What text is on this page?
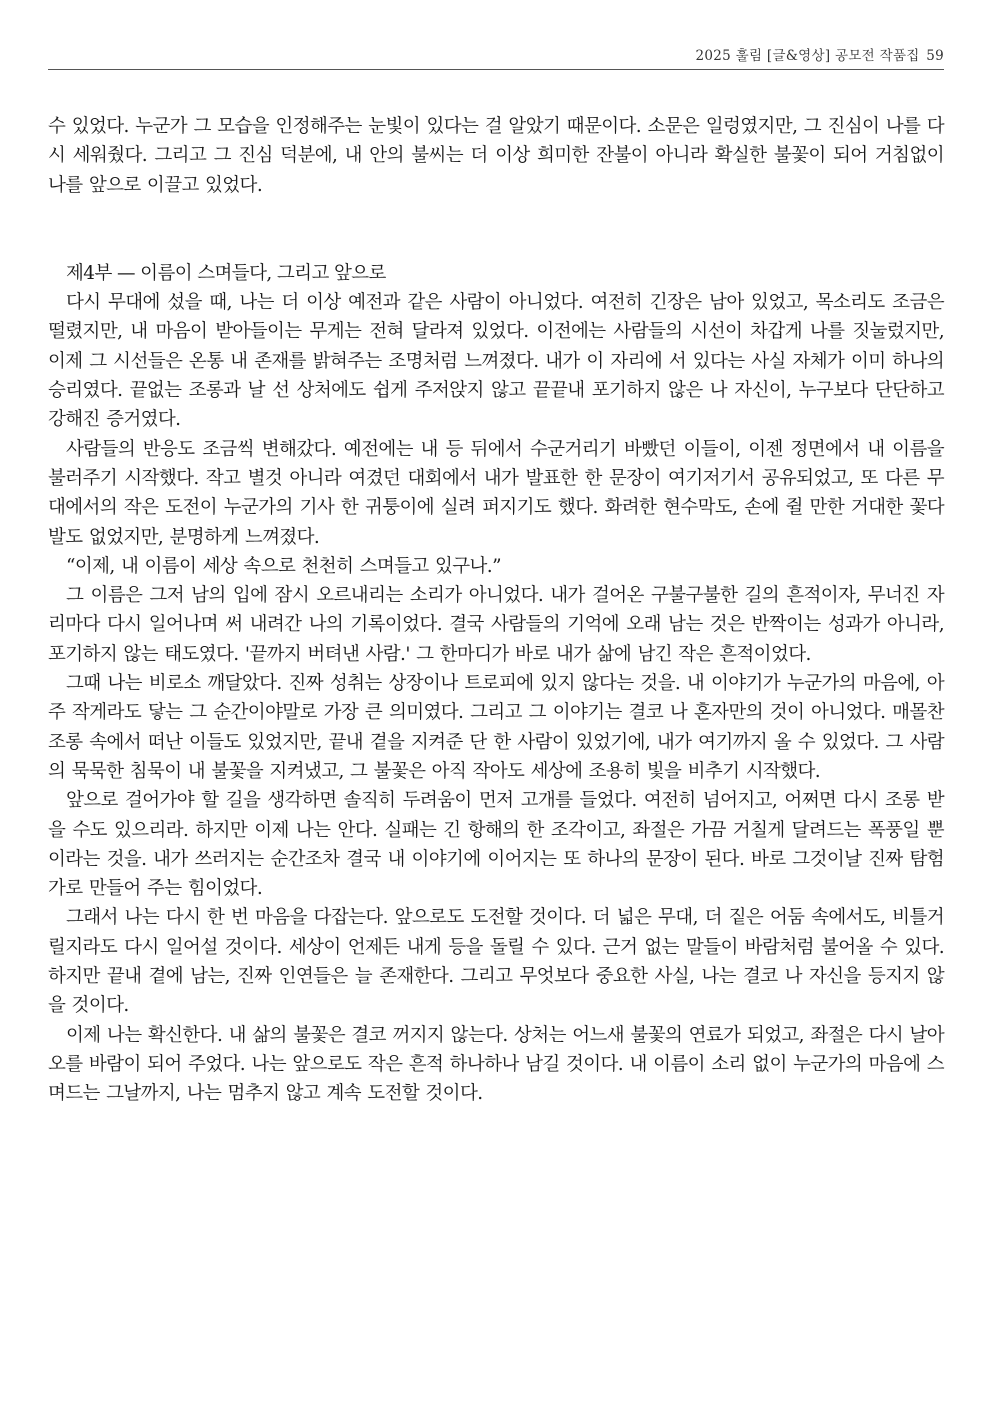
2025 훌림 [글&영상] 공모전 작품집 59

수 있었다. 누군가 그 모습을 인정해주는 눈빛이 있다는 걸 알았기 때문이다. 소문은 일렁였지만, 그 진심이 나를 다시 세워줬다. 그리고 그 진심 덕분에, 내 안의 불씨는 더 이상 희미한 잔불이 아니라 확실한 불꽃이 되어 거침없이 나를 앞으로 이끌고 있었다.

제4부 — 이름이 스며들다, 그리고 앞으로

다시 무대에 섰을 때, 나는 더 이상 예전과 같은 사람이 아니었다. 여전히 긴장은 남아 있었고, 목소리도 조금은 떨렸지만, 내 마음이 받아들이는 무게는 전혀 달라져 있었다. 이전에는 사람들의 시선이 차갑게 나를 짓눌렀지만, 이제 그 시선들은 온통 내 존재를 밝혀주는 조명처럼 느껴졌다. 내가 이 자리에 서 있다는 사실 자체가 이미 하나의 승리였다. 끝없는 조롱과 날 선 상처에도 쉽게 주저앉지 않고 끝끝내 포기하지 않은 나 자신이, 누구보다 단단하고 강해진 증거였다.

사람들의 반응도 조금씩 변해갔다. 예전에는 내 등 뒤에서 수군거리기 바빴던 이들이, 이젠 정면에서 내 이름을 불러주기 시작했다. 작고 별것 아니라 여겼던 대회에서 내가 발표한 한 문장이 여기저기서 공유되었고, 또 다른 무대에서의 작은 도전이 누군가의 기사 한 귀퉁이에 실려 퍼지기도 했다. 화려한 현수막도, 손에 쥘 만한 거대한 꽃다발도 없었지만, 분명하게 느껴졌다.

“이제, 내 이름이 세상 속으로 천천히 스며들고 있구나.”

그 이름은 그저 남의 입에 잠시 오르내리는 소리가 아니었다. 내가 걸어온 구불구불한 길의 흔적이자, 무너진 자리마다 다시 일어나며 써 내려간 나의 기록이었다. 결국 사람들의 기억에 오래 남는 것은 반짝이는 성과가 아니라, 포기하지 않는 태도였다. '끝까지 버텨낸 사람.' 그 한마디가 바로 내가 삶에 남긴 작은 흔적이었다.

그때 나는 비로소 깨달았다. 진짜 성취는 상장이나 트로피에 있지 않다는 것을. 내 이야기가 누군가의 마음에, 아주 작게라도 닿는 그 순간이야말로 가장 큰 의미였다. 그리고 그 이야기는 결코 나 혼자만의 것이 아니었다. 매몰찬 조롱 속에서 떠난 이들도 있었지만, 끝내 곁을 지켜준 단 한 사람이 있었기에, 내가 여기까지 올 수 있었다. 그 사람의 묵묵한 침묵이 내 불꽃을 지켜냈고, 그 불꽃은 아직 작아도 세상에 조용히 빛을 비추기 시작했다.

앞으로 걸어가야 할 길을 생각하면 솔직히 두려움이 먼저 고개를 들었다. 여전히 넘어지고, 어쩌면 다시 조롱 받을 수도 있으리라. 하지만 이제 나는 안다. 실패는 긴 항해의 한 조각이고, 좌절은 가끔 거칠게 달려드는 폭풍일 뿐이라는 것을. 내가 쓰러지는 순간조차 결국 내 이야기에 이어지는 또 하나의 문장이 된다. 바로 그것이날 진짜 탐험가로 만들어 주는 힘이었다.

그래서 나는 다시 한 번 마음을 다잡는다. 앞으로도 도전할 것이다. 더 넓은 무대, 더 짙은 어둠 속에서도, 비틀거릴지라도 다시 일어설 것이다. 세상이 언제든 내게 등을 돌릴 수 있다. 근거 없는 말들이 바람처럼 불어올 수 있다. 하지만 끝내 곁에 남는, 진짜 인연들은 늘 존재한다. 그리고 무엇보다 중요한 사실, 나는 결코 나 자신을 등지지 않을 것이다.

이제 나는 확신한다. 내 삶의 불꽃은 결코 꺼지지 않는다. 상처는 어느새 불꽃의 연료가 되었고, 좌절은 다시 날아오를 바람이 되어 주었다. 나는 앞으로도 작은 흔적 하나하나 남길 것이다. 내 이름이 소리 없이 누군가의 마음에 스며드는 그날까지, 나는 멈추지 않고 계속 도전할 것이다.
